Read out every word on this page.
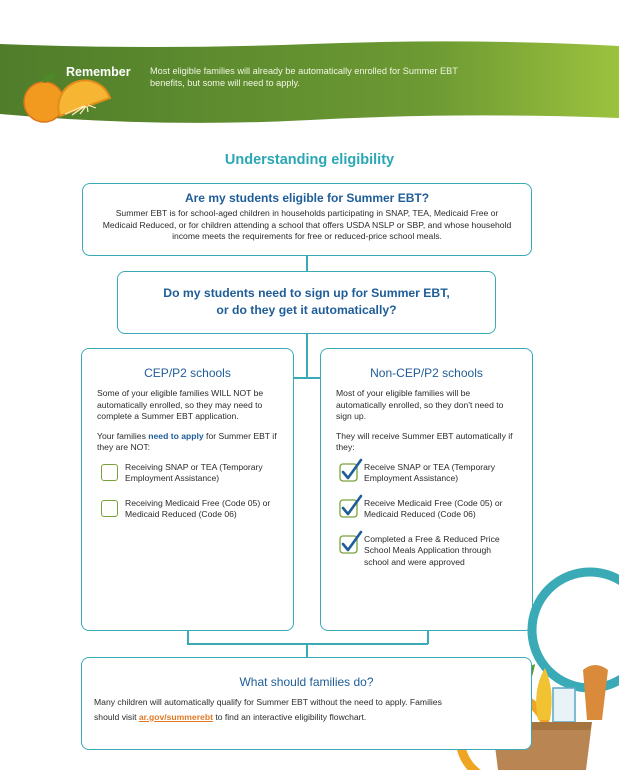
Remember Most eligible families will already be automatically enrolled for Summer EBT benefits, but some will need to apply.
Understanding eligibility
Are my students eligible for Summer EBT?
Summer EBT is for school-aged children in households participating in SNAP, TEA, Medicaid Free or Medicaid Reduced, or for children attending a school that offers USDA NSLP or SBP, and whose household income meets the requirements for free or reduced-price school meals.
Do my students need to sign up for Summer EBT,
or do they get it automatically?
CEP/P2 schools
Some of your eligible families WILL NOT be automatically enrolled, so they may need to complete a Summer EBT application.
Your families need to apply for Summer EBT if they are NOT:
Receiving SNAP or TEA (Temporary Employment Assistance)
Receiving Medicaid Free (Code 05) or Medicaid Reduced (Code 06)
Non-CEP/P2 schools
Most of your eligible families will be automatically enrolled, so they don't need to sign up.
They will receive Summer EBT automatically if they:
Receive SNAP or TEA (Temporary Employment Assistance)
Receive Medicaid Free (Code 05) or Medicaid Reduced (Code 06)
Completed a Free & Reduced Price School Meals Application through school and were approved
What should families do?
Many children will automatically qualify for Summer EBT without the need to apply. Families should visit ar.gov/summerebt to find an interactive eligibility flowchart.
